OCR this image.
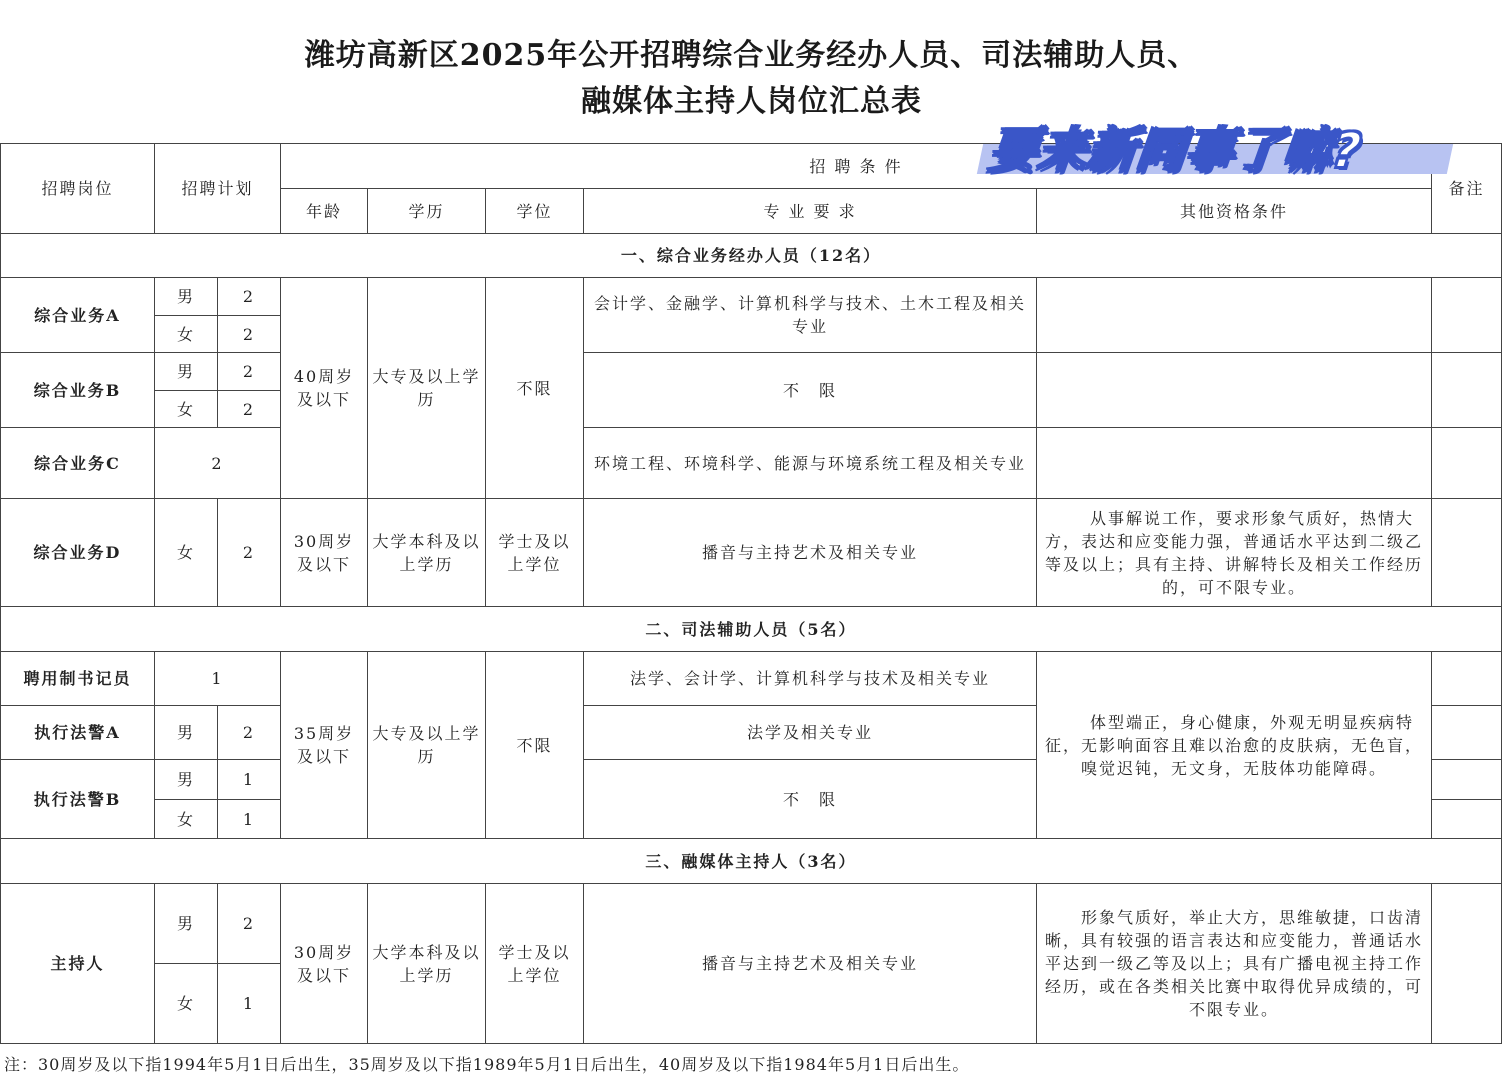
潍坊高新区2025年公开招聘综合业务经办人员、司法辅助人员、
融媒体主持人岗位汇总表
要来新同事了嘛?
招聘岗位	招聘计划		招 聘 条 件					备注
			年龄	学历	学位	专 业 要 求	其他资格条件	
一、综合业务经办人员（12名）								
综合业务A	男	2	40周岁及以下	大专及以上学历	不限	会计学、金融学、计算机科学与技术、土木工程及相关专业		
	女	2						
综合业务B	男	2				不　限		
	女	2						
综合业务C	2					环境工程、环境科学、能源与环境系统工程及相关专业		
综合业务D	女	2	30周岁及以下	大学本科及以上学历	学士及以上学位	播音与主持艺术及相关专业	　　从事解说工作，要求形象气质好，热情大方，表达和应变能力强，普通话水平达到二级乙等及以上；具有主持、讲解特长及相关工作经历的，可不限专业。	
二、司法辅助人员（5名）								
聘用制书记员	1		35周岁及以下	大专及以上学历	不限	法学、会计学、计算机科学与技术及相关专业	　　体型端正，身心健康，外观无明显疾病特征，无影响面容且难以治愈的皮肤病，无色盲，嗅觉迟钝，无文身，无肢体功能障碍。	
执行法警A	男	2				法学及相关专业		
执行法警B	男	1				不　限		
	女	1						
三、融媒体主持人（3名）								
主持人	男	2	30周岁及以下	大学本科及以上学历	学士及以上学位	播音与主持艺术及相关专业	　　形象气质好，举止大方，思维敏捷，口齿清晰，具有较强的语言表达和应变能力，普通话水平达到一级乙等及以上；具有广播电视主持工作经历，或在各类相关比赛中取得优异成绩的，可不限专业。	
	女	1						
注：30周岁及以下指1994年5月1日后出生，35周岁及以下指1989年5月1日后出生，40周岁及以下指1984年5月1日后出生。
